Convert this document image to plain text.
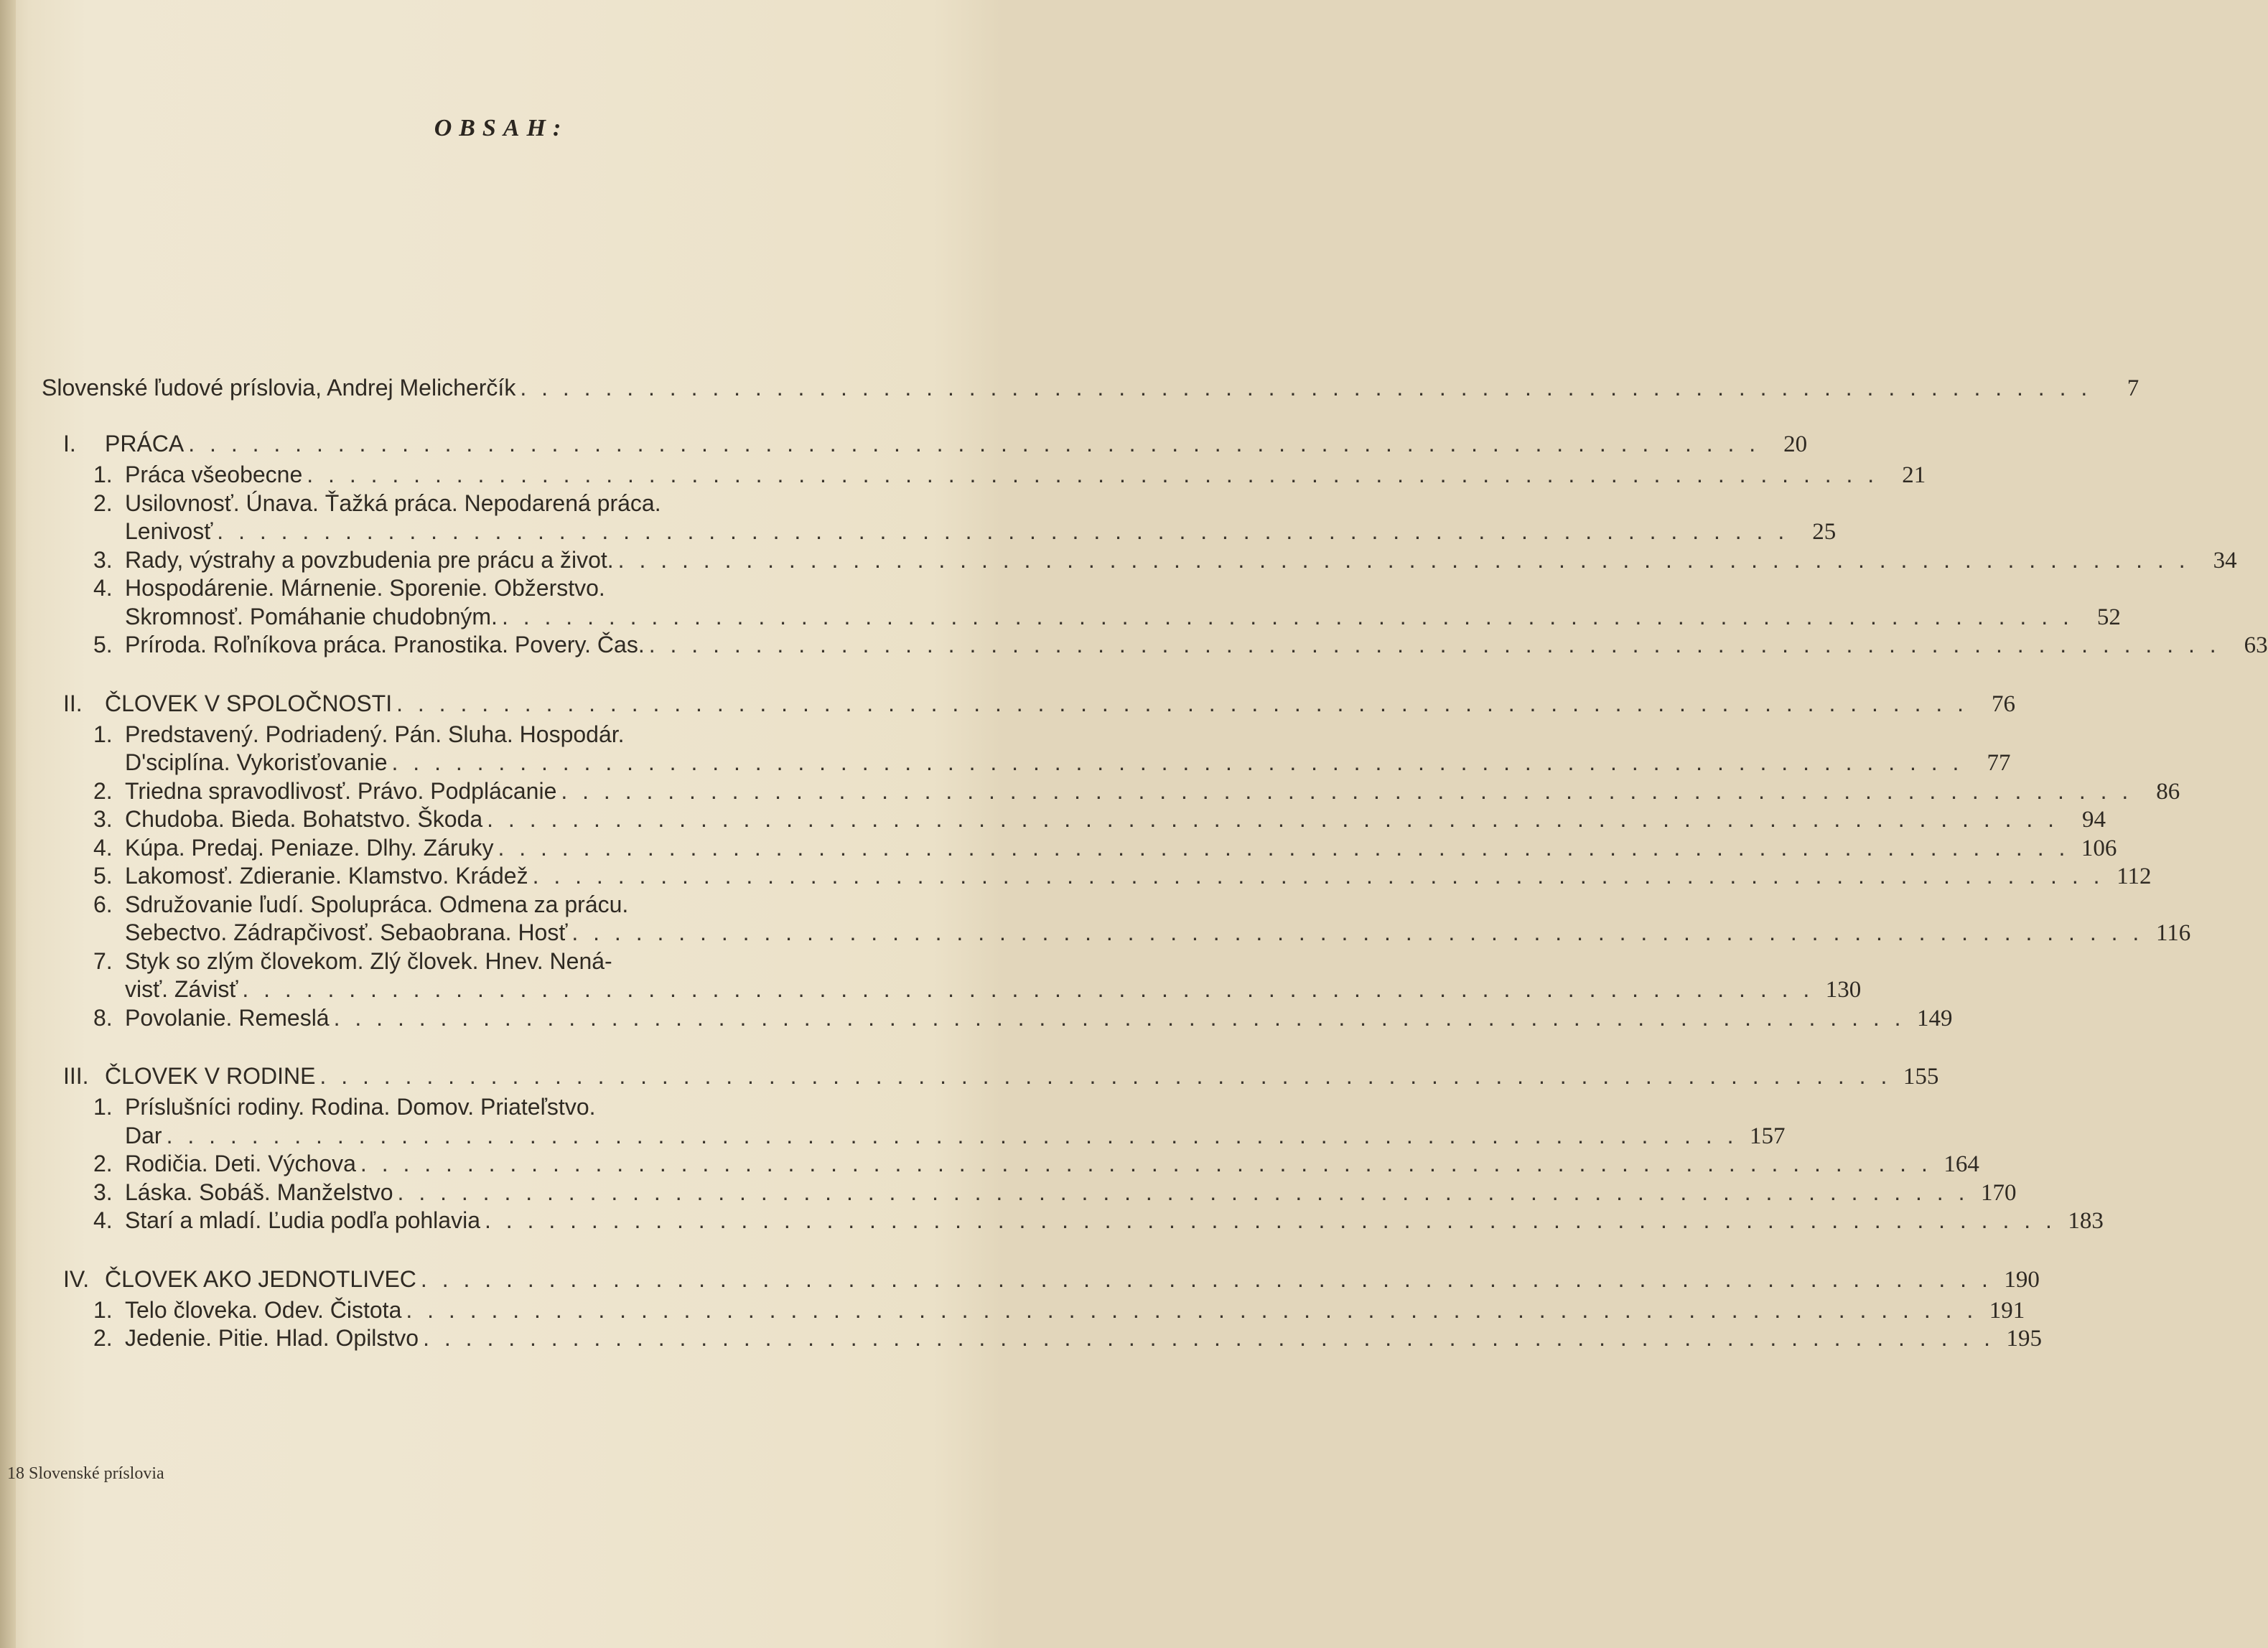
OBSAH:
Slovenské ľudové príslovia, Andrej Melicherčík . . .	7
I.	PRÁCA . . .	20
1. Práca všeobecne . . .	21
2. Usilovnosť. Únava. Ťažká práca. Nepodarená práca.
Lenivosť . . .	25
3. Rady, výstrahy a povzbudenia pre prácu a život. . . .	34
4. Hospodárenie. Márnenie. Sporenie. Obžerstvo.
Skromnosť. Pomáhanie chudobným. . . .	52
5. Príroda. Roľníkova práca. Pranostika. Povery. Čas. . . .	63
II. ČLOVEK V SPOLOČNOSTI . . .	76
1. Predstavený. Podriadený. Pán. Sluha. Hospodár.
D'sciplína. Vykorisťovanie . . .	77
2. Triedna spravodlivosť. Právo. Podplácanie . . .	86
3. Chudoba. Bieda. Bohatstvo. Škoda . . .	94
4. Kúpa. Predaj. Peniaze. Dlhy. Záruky . . .	106
5. Lakomosť. Zdieranie. Klamstvo. Krádež . . .	112
6. Sdružovanie ľudí. Spolupráca. Odmena za prácu.
Sebectvo. Zádrapčivosť. Sebaobrana. Hosť . . .	116
7. Styk so zlým človekom. Zlý človek. Hnev. Nená-
visť. Závisť . . .	130
8. Povolanie. Remeslá . . .	149
III. ČLOVEK V RODINE . . .	155
1. Príslušníci rodiny. Rodina. Domov. Priateľstvo.
Dar . . .	157
2. Rodičia. Deti. Výchova . . .	164
3. Láska. Sobáš. Manželstvo . . .	170
4. Starí a mladí. Ľudia podľa pohlavia . . .	183
IV. ČLOVEK AKO JEDNOTLIVEC . . .	190
1. Telo človeka. Odev. Čistota . . .	191
2. Jedenie. Pitie. Hlad. Opilstvo . . .	195
18 Slovenské príslovia
